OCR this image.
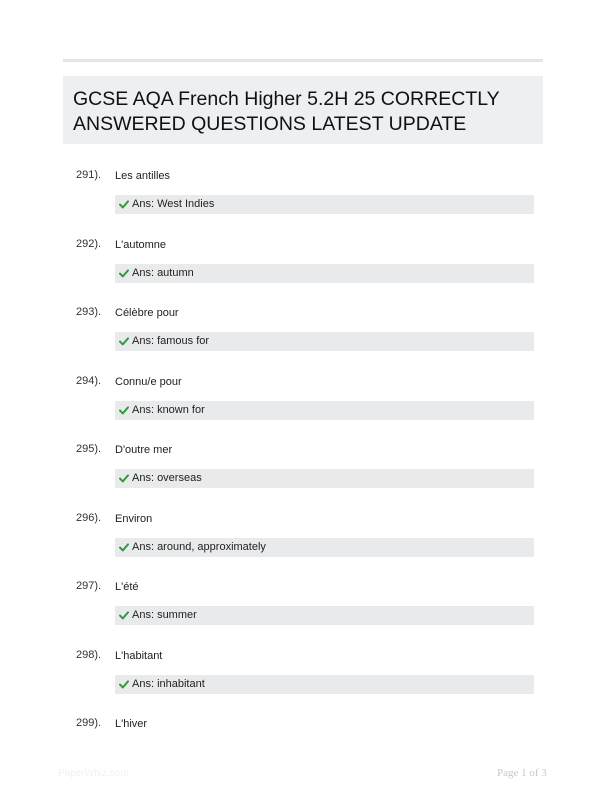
GCSE AQA French Higher 5.2H 25 CORRECTLY ANSWERED QUESTIONS LATEST UPDATE
291). Les antilles
Ans: West Indies
292). L'automne
Ans: autumn
293). Célèbre pour
Ans: famous for
294). Connu/e pour
Ans: known for
295). D'outre mer
Ans: overseas
296). Environ
Ans: around, approximately
297). L'été
Ans: summer
298). L'habitant
Ans: inhabitant
299). L'hiver
PaperWhiz.com	Page 1 of 3
